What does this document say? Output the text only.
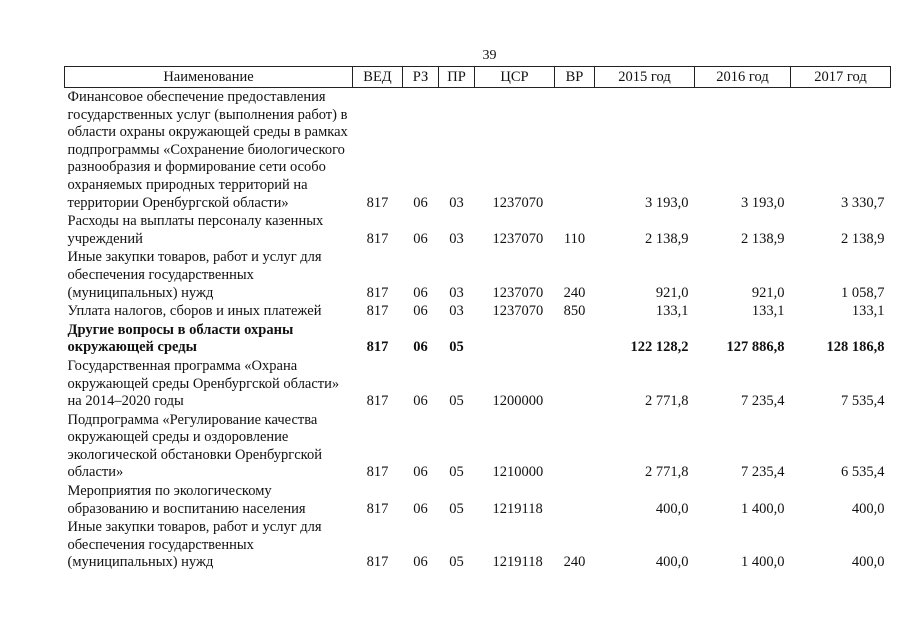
39
Наименование	ВЕД	РЗ	ПР	ЦСР	ВР	2015 год	2016 год	2017 год
Финансовое обеспечение предоставления государственных услуг (выполнения работ) в области охраны окружающей среды в рамках подпрограммы «Сохранение биологического разнообразия и формирование сети особо охраняемых природных территорий на территории Оренбургской области»	817	06	03	1237070		3 193,0	3 193,0	3 330,7
Расходы на выплаты персоналу казенных учреждений	817	06	03	1237070	110	2 138,9	2 138,9	2 138,9
Иные закупки товаров, работ и услуг для обеспечения государственных (муниципальных) нужд	817	06	03	1237070	240	921,0	921,0	1 058,7
Уплата налогов, сборов и иных платежей	817	06	03	1237070	850	133,1	133,1	133,1
Другие вопросы в области охраны окружающей среды	817	06	05			122 128,2	127 886,8	128 186,8
Государственная программа «Охрана окружающей среды Оренбургской области» на 2014–2020 годы	817	06	05	1200000		2 771,8	7 235,4	7 535,4
Подпрограмма «Регулирование качества окружающей среды и оздоровление экологической обстановки Оренбургской области»	817	06	05	1210000		2 771,8	7 235,4	6 535,4
Мероприятия по экологическому образованию и воспитанию населения	817	06	05	1219118		400,0	1 400,0	400,0
Иные закупки товаров, работ и услуг для обеспечения государственных (муниципальных) нужд	817	06	05	1219118	240	400,0	1 400,0	400,0
